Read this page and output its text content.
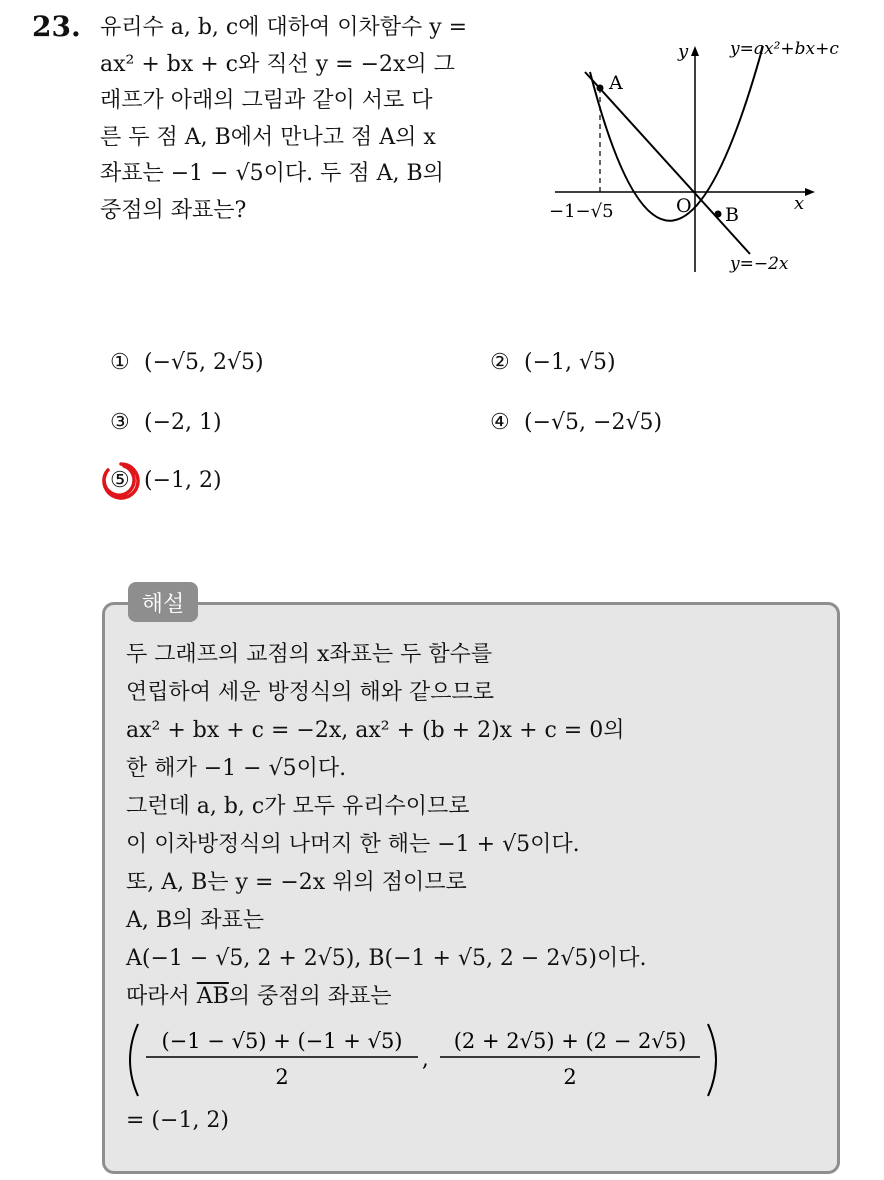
23. 유리수 a, b, c에 대하여 이차함수 y =
ax² + bx + c와 직선 y = −2x의 그
래프가 아래의 그림과 같이 서로 다
른 두 점 A, B에서 만나고 점 A의 x
좌표는 −1 − √5이다. 두 점 A, B의
중점의 좌표는?
A
B
O	x
y
−1−√5
y=ax²+bx+c
y=−2x
① (−√5, 2√5)	② (−1, √5)
③ (−2, 1)	④ (−√5, −2√5)
⑤ (−1, 2)
해설
두 그래프의 교점의 x좌표는 두 함수를
연립하여 세운 방정식의 해와 같으므로
ax² + bx + c = −2x, ax² + (b + 2)x + c = 0의
한 해가 −1 − √5이다.
그런데 a, b, c가 모두 유리수이므로
이 이차방정식의 나머지 한 해는 −1 + √5이다.
또, A, B는 y = −2x 위의 점이므로
A, B의 좌표는
A(−1 − √5, 2 + 2√5), B(−1 + √5, 2 − 2√5)이다.
따라서 $\overline{AB}$의 중점의 좌표는
(−1 − √5) + (−1 + √5)
2
,
(2 + 2√5) + (2 − 2√5)
2
= (−1, 2)
